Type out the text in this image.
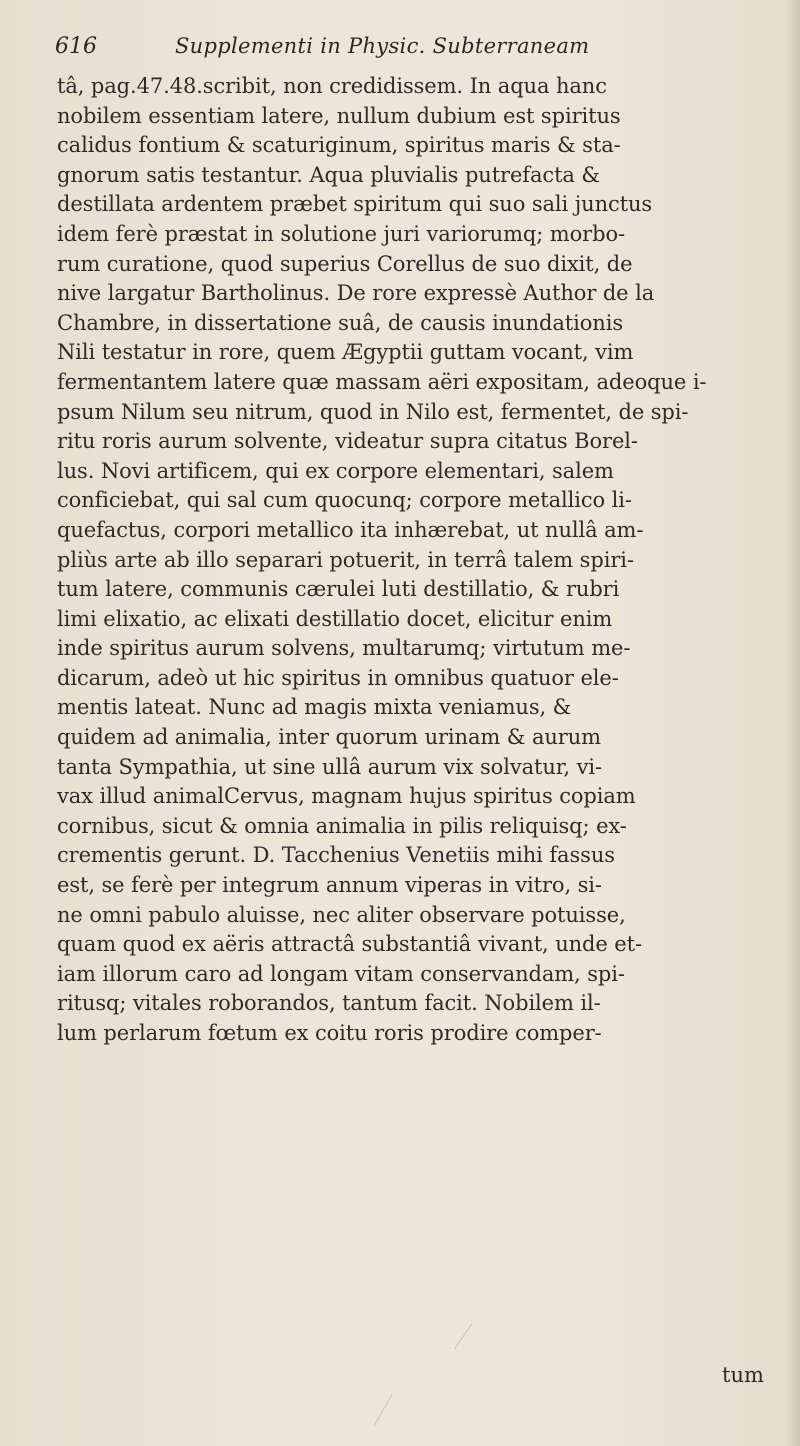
616	Supplementi in Physic. Subterraneam
tâ, pag.47.48.scribit, non credidissem. In aqua hanc
nobilem essentiam latere, nullum dubium est spiritus
calidus fontium & scaturiginum, spiritus maris & sta-
gnorum satis testantur. Aqua pluvialis putrefacta &
destillata ardentem præbet spiritum qui suo sali junctus
idem ferè præstat in solutione juri variorumq; morbo-
rum curatione, quod superius Corellus de suo dixit, de
nive largatur Bartholinus. De rore expressè Author de la
Chambre, in dissertatione suâ, de causis inundationis
Nili testatur in rore, quem Ægyptii guttam vocant, vim
fermentantem latere quæ massam aëri expositam, adeoque i-
psum Nilum seu nitrum, quod in Nilo est, fermentet, de spi-
ritu roris aurum solvente, videatur supra citatus Borel-
lus. Novi artificem, qui ex corpore elementari, salem
conficiebat, qui sal cum quocunq; corpore metallico li-
quefactus, corpori metallico ita inhærebat, ut nullâ am-
pliùs arte ab illo separari potuerit, in terrâ talem spiri-
tum latere, communis cærulei luti destillatio, & rubri
limi elixatio, ac elixati destillatio docet, elicitur enim
inde spiritus aurum solvens, multarumq; virtutum me-
dicarum, adeò ut hic spiritus in omnibus quatuor ele-
mentis lateat. Nunc ad magis mixta veniamus, &
quidem ad animalia, inter quorum urinam & aurum
tanta Sympathia, ut sine ullâ aurum vix solvatur, vi-
vax illud animalCervus, magnam hujus spiritus copiam
cornibus, sicut & omnia animalia in pilis reliquisq; ex-
crementis gerunt. D. Tacchenius Venetiis mihi fassus
est, se ferè per integrum annum viperas in vitro, si-
ne omni pabulo aluisse, nec aliter observare potuisse,
quam quod ex aëris attractâ substantiâ vivant, unde et-
iam illorum caro ad longam vitam conservandam, spi-
ritusq; vitales roborandos, tantum facit. Nobilem il-
lum perlarum fœtum ex coitu roris prodire comper-
tum
